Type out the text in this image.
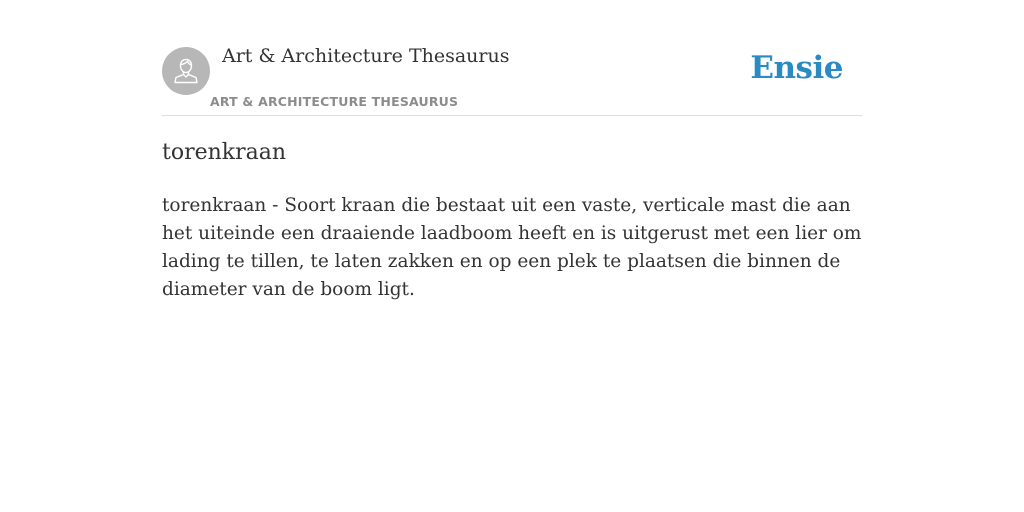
Art & Architecture Thesaurus
ART & ARCHITECTURE THESAURUS
Ensie
torenkraan

torenkraan - Soort kraan die bestaat uit een vaste, verticale mast die aan het uiteinde een draaiende laadboom heeft en is uitgerust met een lier om lading te tillen, te laten zakken en op een plek te plaatsen die binnen de diameter van de boom ligt.
